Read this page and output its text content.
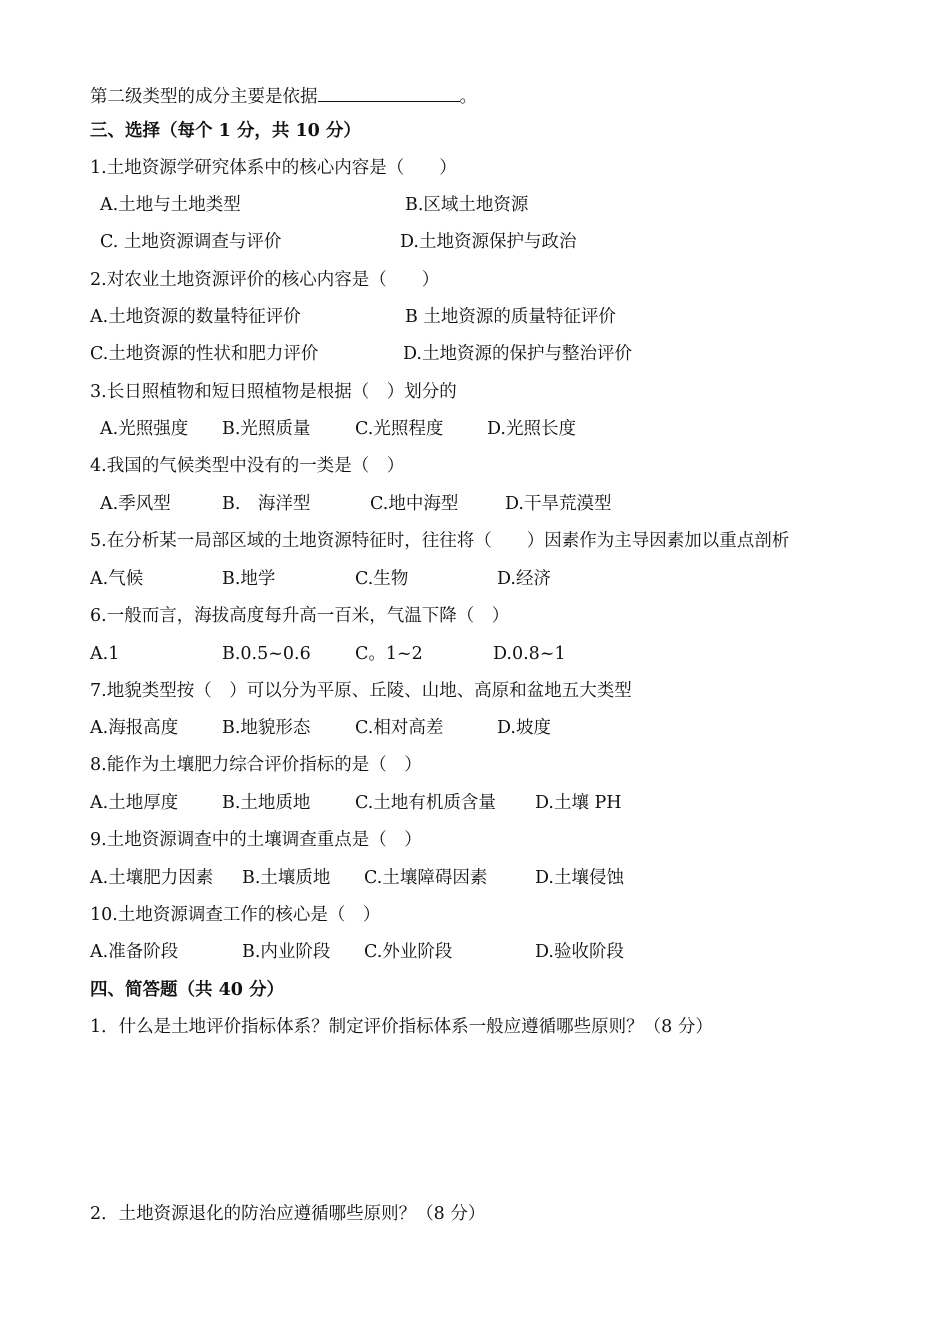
第二级类型的成分主要是依据	。
三、选择（每个 1 分，共 10 分）
1.土地资源学研究体系中的核心内容是（　　）
A.土地与土地类型	B.区域土地资源
C. 土地资源调查与评价	D.土地资源保护与政治
2.对农业土地资源评价的核心内容是（　　）
A.土地资源的数量特征评价	B 土地资源的质量特征评价
C.土地资源的性状和肥力评价	D.土地资源的保护与整治评价
3.长日照植物和短日照植物是根据（　）划分的
A.光照强度 B.光照质量	C.光照程度 D.光照长度
4.我国的气候类型中没有的一类是（　）
A.季风型	B.　海洋型	C.地中海型	D.干旱荒漠型
5.在分析某一局部区域的土地资源特征时，往往将（　　）因素作为主导因素加以重点剖析
A.气候	B.地学	C.生物	D.经济
6.一般而言，海拔高度每升高一百米，气温下降（　）
A.1	B.0.5~0.6	C。1~2	D.0.8~1
7.地貌类型按（　）可以分为平原、丘陵、山地、高原和盆地五大类型
A.海报高度	B.地貌形态	C.相对高差	D.坡度
8.能作为土壤肥力综合评价指标的是（　）
A.土地厚度	B.土地质地	C.土地有机质含量 D.土壤 PH
9.土地资源调查中的土壤调查重点是（　）
A.土壤肥力因素 B.土壤质地 C.土壤障碍因素	D.土壤侵蚀
10.土地资源调查工作的核心是（　）
A.准备阶段	B.内业阶段 C.外业阶段	D.验收阶段
四、简答题（共 40 分）
1．什么是土地评价指标体系？制定评价指标体系一般应遵循哪些原则？（8 分）
2．土地资源退化的防治应遵循哪些原则？（8 分）
